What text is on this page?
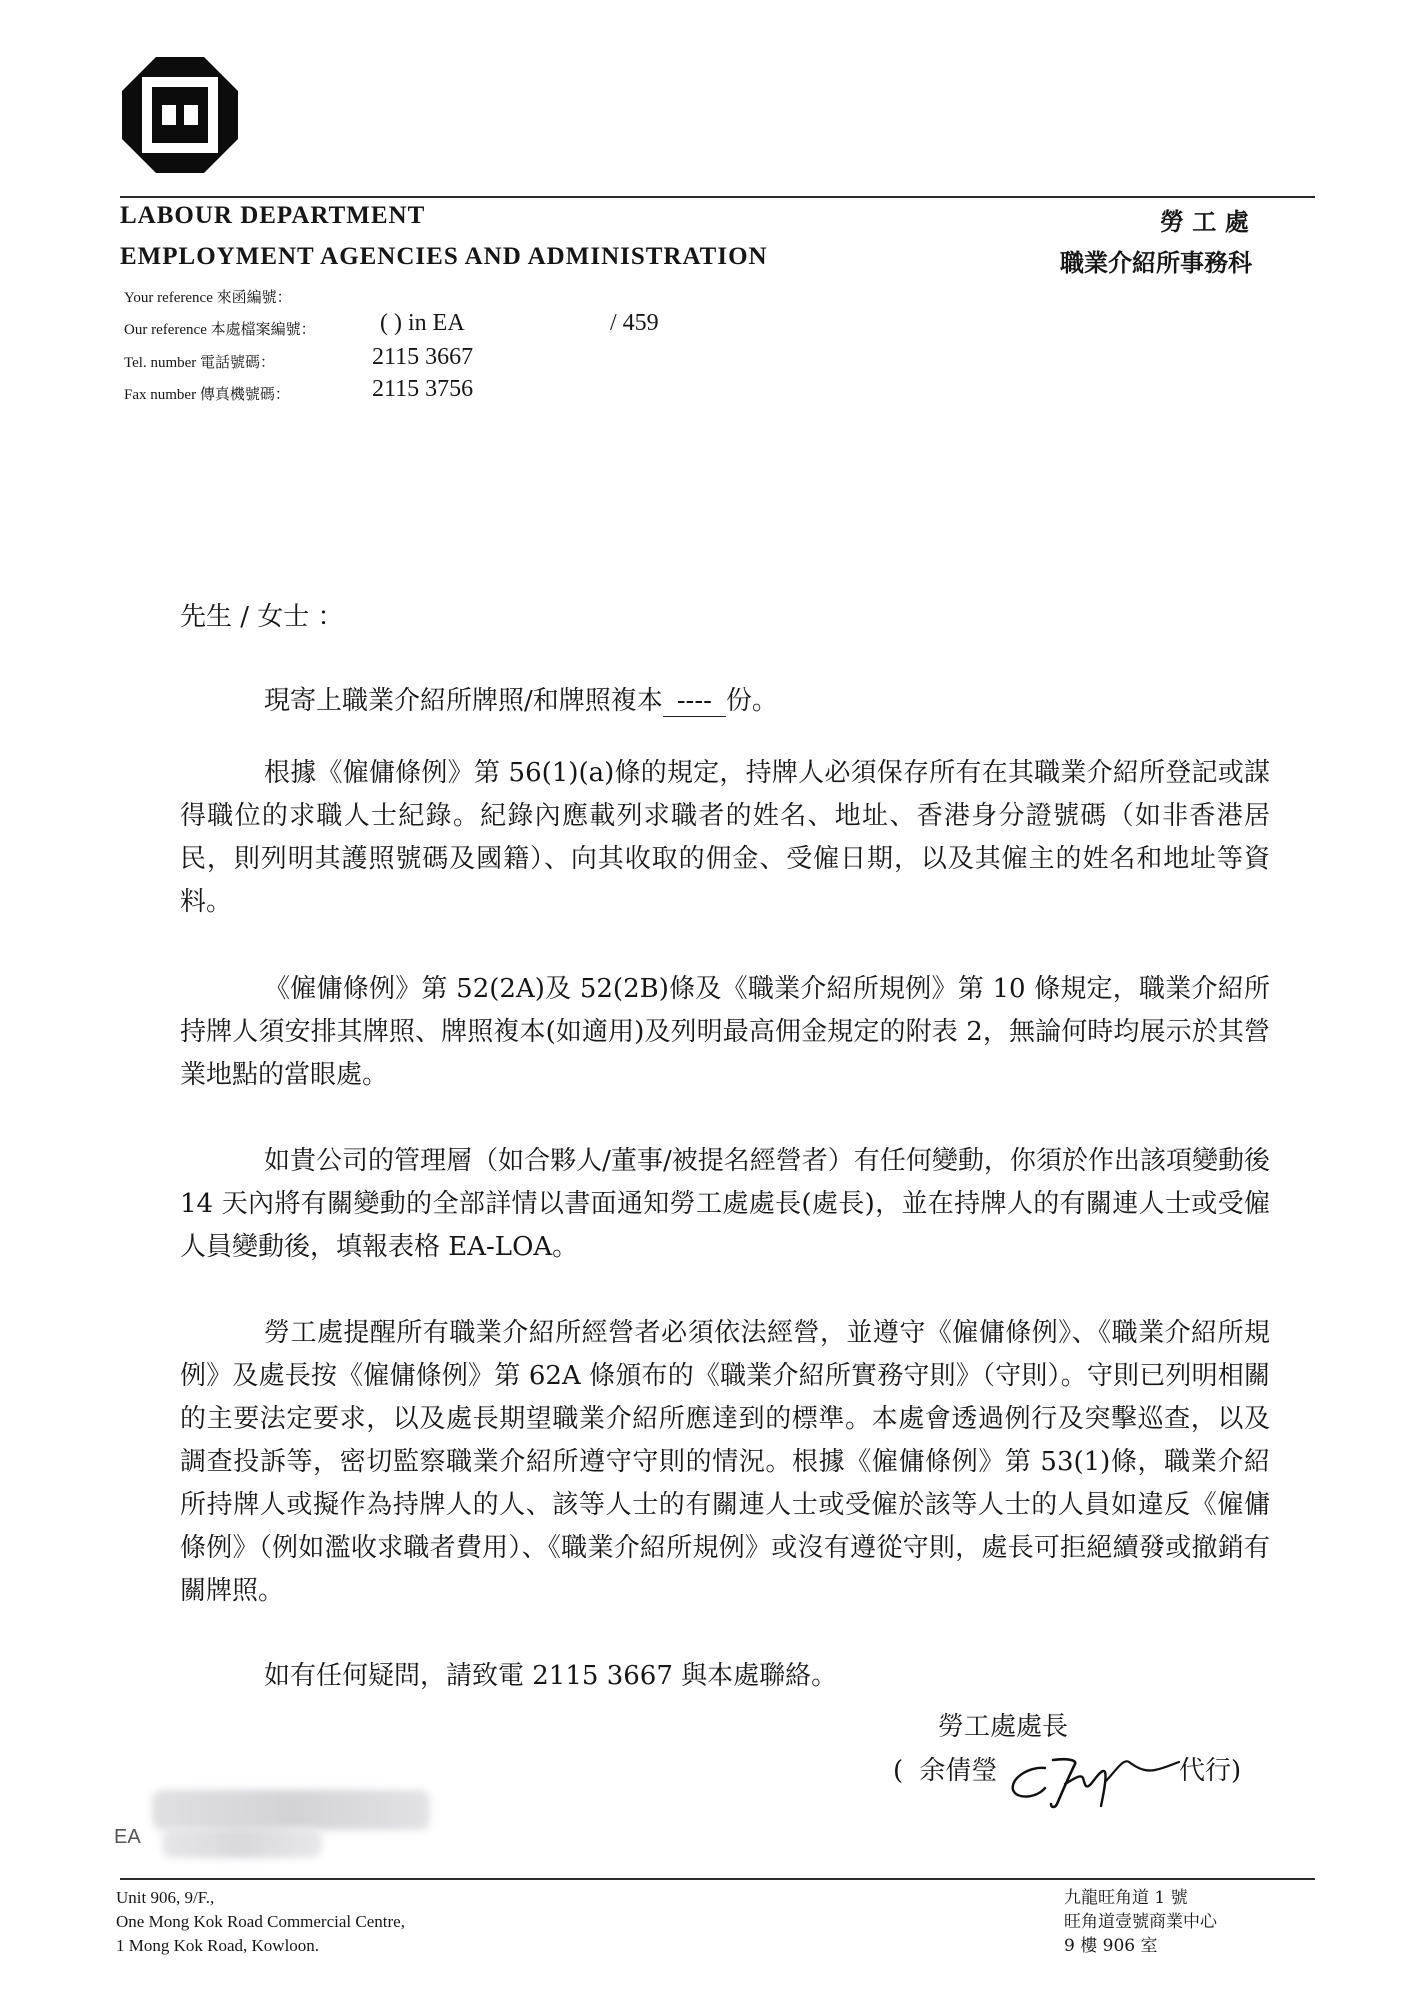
LABOUR DEPARTMENT
EMPLOYMENT AGENCIES AND ADMINISTRATION
勞 工 處
職業介紹所事務科
Your reference 來函編號：
Our reference 本處檔案編號：	( ) in EA	/ 459
Tel. number 電話號碼：	2115 3667
Fax number 傳真機號碼：	2115 3756
先生 / 女士 ：

現寄上職業介紹所牌照/和牌照複本 ---- 份。

根據《僱傭條例》第 56(1)(a)條的規定，持牌人必須保存所有在其職業介紹所登記或謀得職位的求職人士紀錄。紀錄內應載列求職者的姓名、地址、香港身分證號碼（如非香港居民，則列明其護照號碼及國籍）、向其收取的佣金、受僱日期，以及其僱主的姓名和地址等資料。

《僱傭條例》第 52(2A)及 52(2B)條及《職業介紹所規例》第 10 條規定，職業介紹所持牌人須安排其牌照、牌照複本(如適用)及列明最高佣金規定的附表 2，無論何時均展示於其營業地點的當眼處。

如貴公司的管理層（如合夥人/董事/被提名經營者）有任何變動，你須於作出該項變動後 14 天內將有關變動的全部詳情以書面通知勞工處處長(處長)，並在持牌人的有關連人士或受僱人員變動後，填報表格 EA-LOA。

勞工處提醒所有職業介紹所經營者必須依法經營，並遵守《僱傭條例》、《職業介紹所規例》及處長按《僱傭條例》第 62A 條頒布的《職業介紹所實務守則》（守則）。守則已列明相關的主要法定要求，以及處長期望職業介紹所應達到的標準。本處會透過例行及突擊巡查，以及調查投訴等，密切監察職業介紹所遵守守則的情況。根據《僱傭條例》第 53(1)條，職業介紹所持牌人或擬作為持牌人的人、該等人士的有關連人士或受僱於該等人士的人員如違反《僱傭條例》（例如濫收求職者費用）、《職業介紹所規例》或沒有遵從守則，處長可拒絕續發或撤銷有關牌照。

如有任何疑問，請致電 2115 3667 與本處聯絡。

勞工處處長
( 余倩瑩	代行)
EA
Unit 906, 9/F.,
One Mong Kok Road Commercial Centre,
1 Mong Kok Road, Kowloon.
九龍旺角道 1 號
旺角道壹號商業中心
9 樓 906 室
